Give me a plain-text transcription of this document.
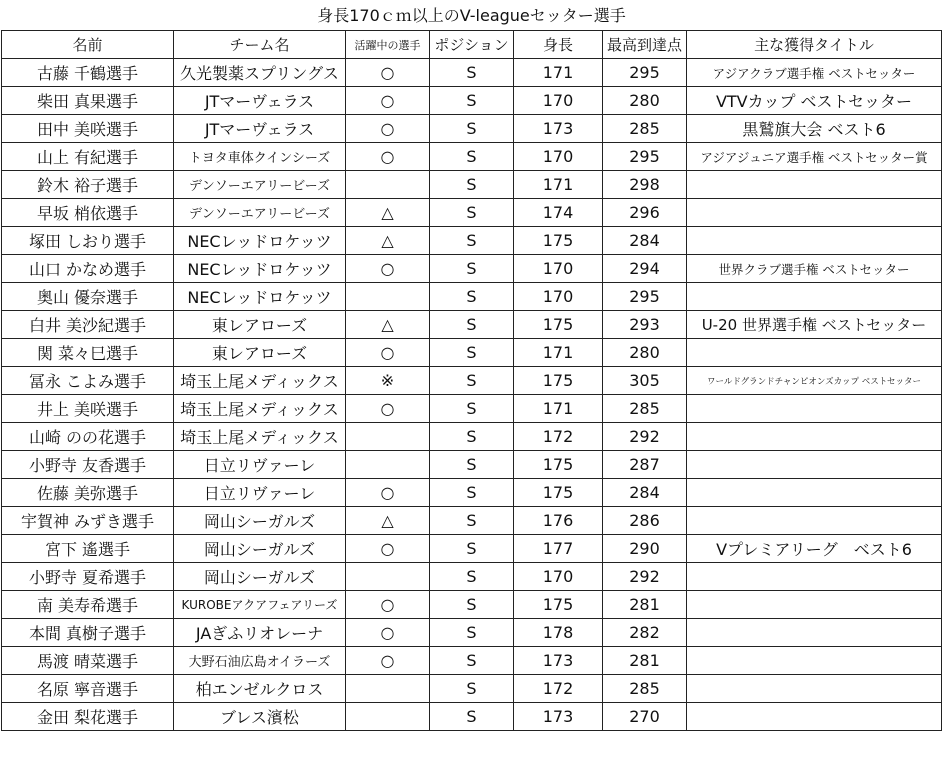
身長170ｃｍ以上のV-leagueセッター選手
名前	チーム名	活躍中の選手	ポジション	身長	最高到達点	主な獲得タイトル
古藤 千鶴選手	久光製薬スプリングス	○	S	171	295	アジアクラブ選手権 ベストセッター
柴田 真果選手	JTマーヴェラス	○	S	170	280	VTVカップ ベストセッター
田中 美咲選手	JTマーヴェラス	○	S	173	285	黒鷲旗大会 ベスト6
山上 有紀選手	トヨタ車体クインシーズ	○	S	170	295	アジアジュニア選手権 ベストセッター賞
鈴木 裕子選手	デンソーエアリービーズ		S	171	298	
早坂 梢依選手	デンソーエアリービーズ	△	S	174	296	
塚田 しおり選手	NECレッドロケッツ	△	S	175	284	
山口 かなめ選手	NECレッドロケッツ	○	S	170	294	世界クラブ選手権 ベストセッター
奥山 優奈選手	NECレッドロケッツ		S	170	295	
白井 美沙紀選手	東レアローズ	△	S	175	293	U-20 世界選手権 ベストセッター
関 菜々巳選手	東レアローズ	○	S	171	280	
冨永 こよみ選手	埼玉上尾メディックス	※	S	175	305	ワールドグランドチャンピオンズカップ ベストセッター
井上 美咲選手	埼玉上尾メディックス	○	S	171	285	
山崎 のの花選手	埼玉上尾メディックス		S	172	292	
小野寺 友香選手	日立リヴァーレ		S	175	287	
佐藤 美弥選手	日立リヴァーレ	○	S	175	284	
宇賀神 みずき選手	岡山シーガルズ	△	S	176	286	
宮下 遙選手	岡山シーガルズ	○	S	177	290	Vプレミアリーグ　ベスト6
小野寺 夏希選手	岡山シーガルズ		S	170	292	
南 美寿希選手	KUROBEアクアフェアリーズ	○	S	175	281	
本間 真樹子選手	JAぎふリオレーナ	○	S	178	282	
馬渡 晴菜選手	大野石油広島オイラーズ	○	S	173	281	
名原 寧音選手	柏エンゼルクロス		S	172	285	
金田 梨花選手	ブレス濱松		S	173	270	
